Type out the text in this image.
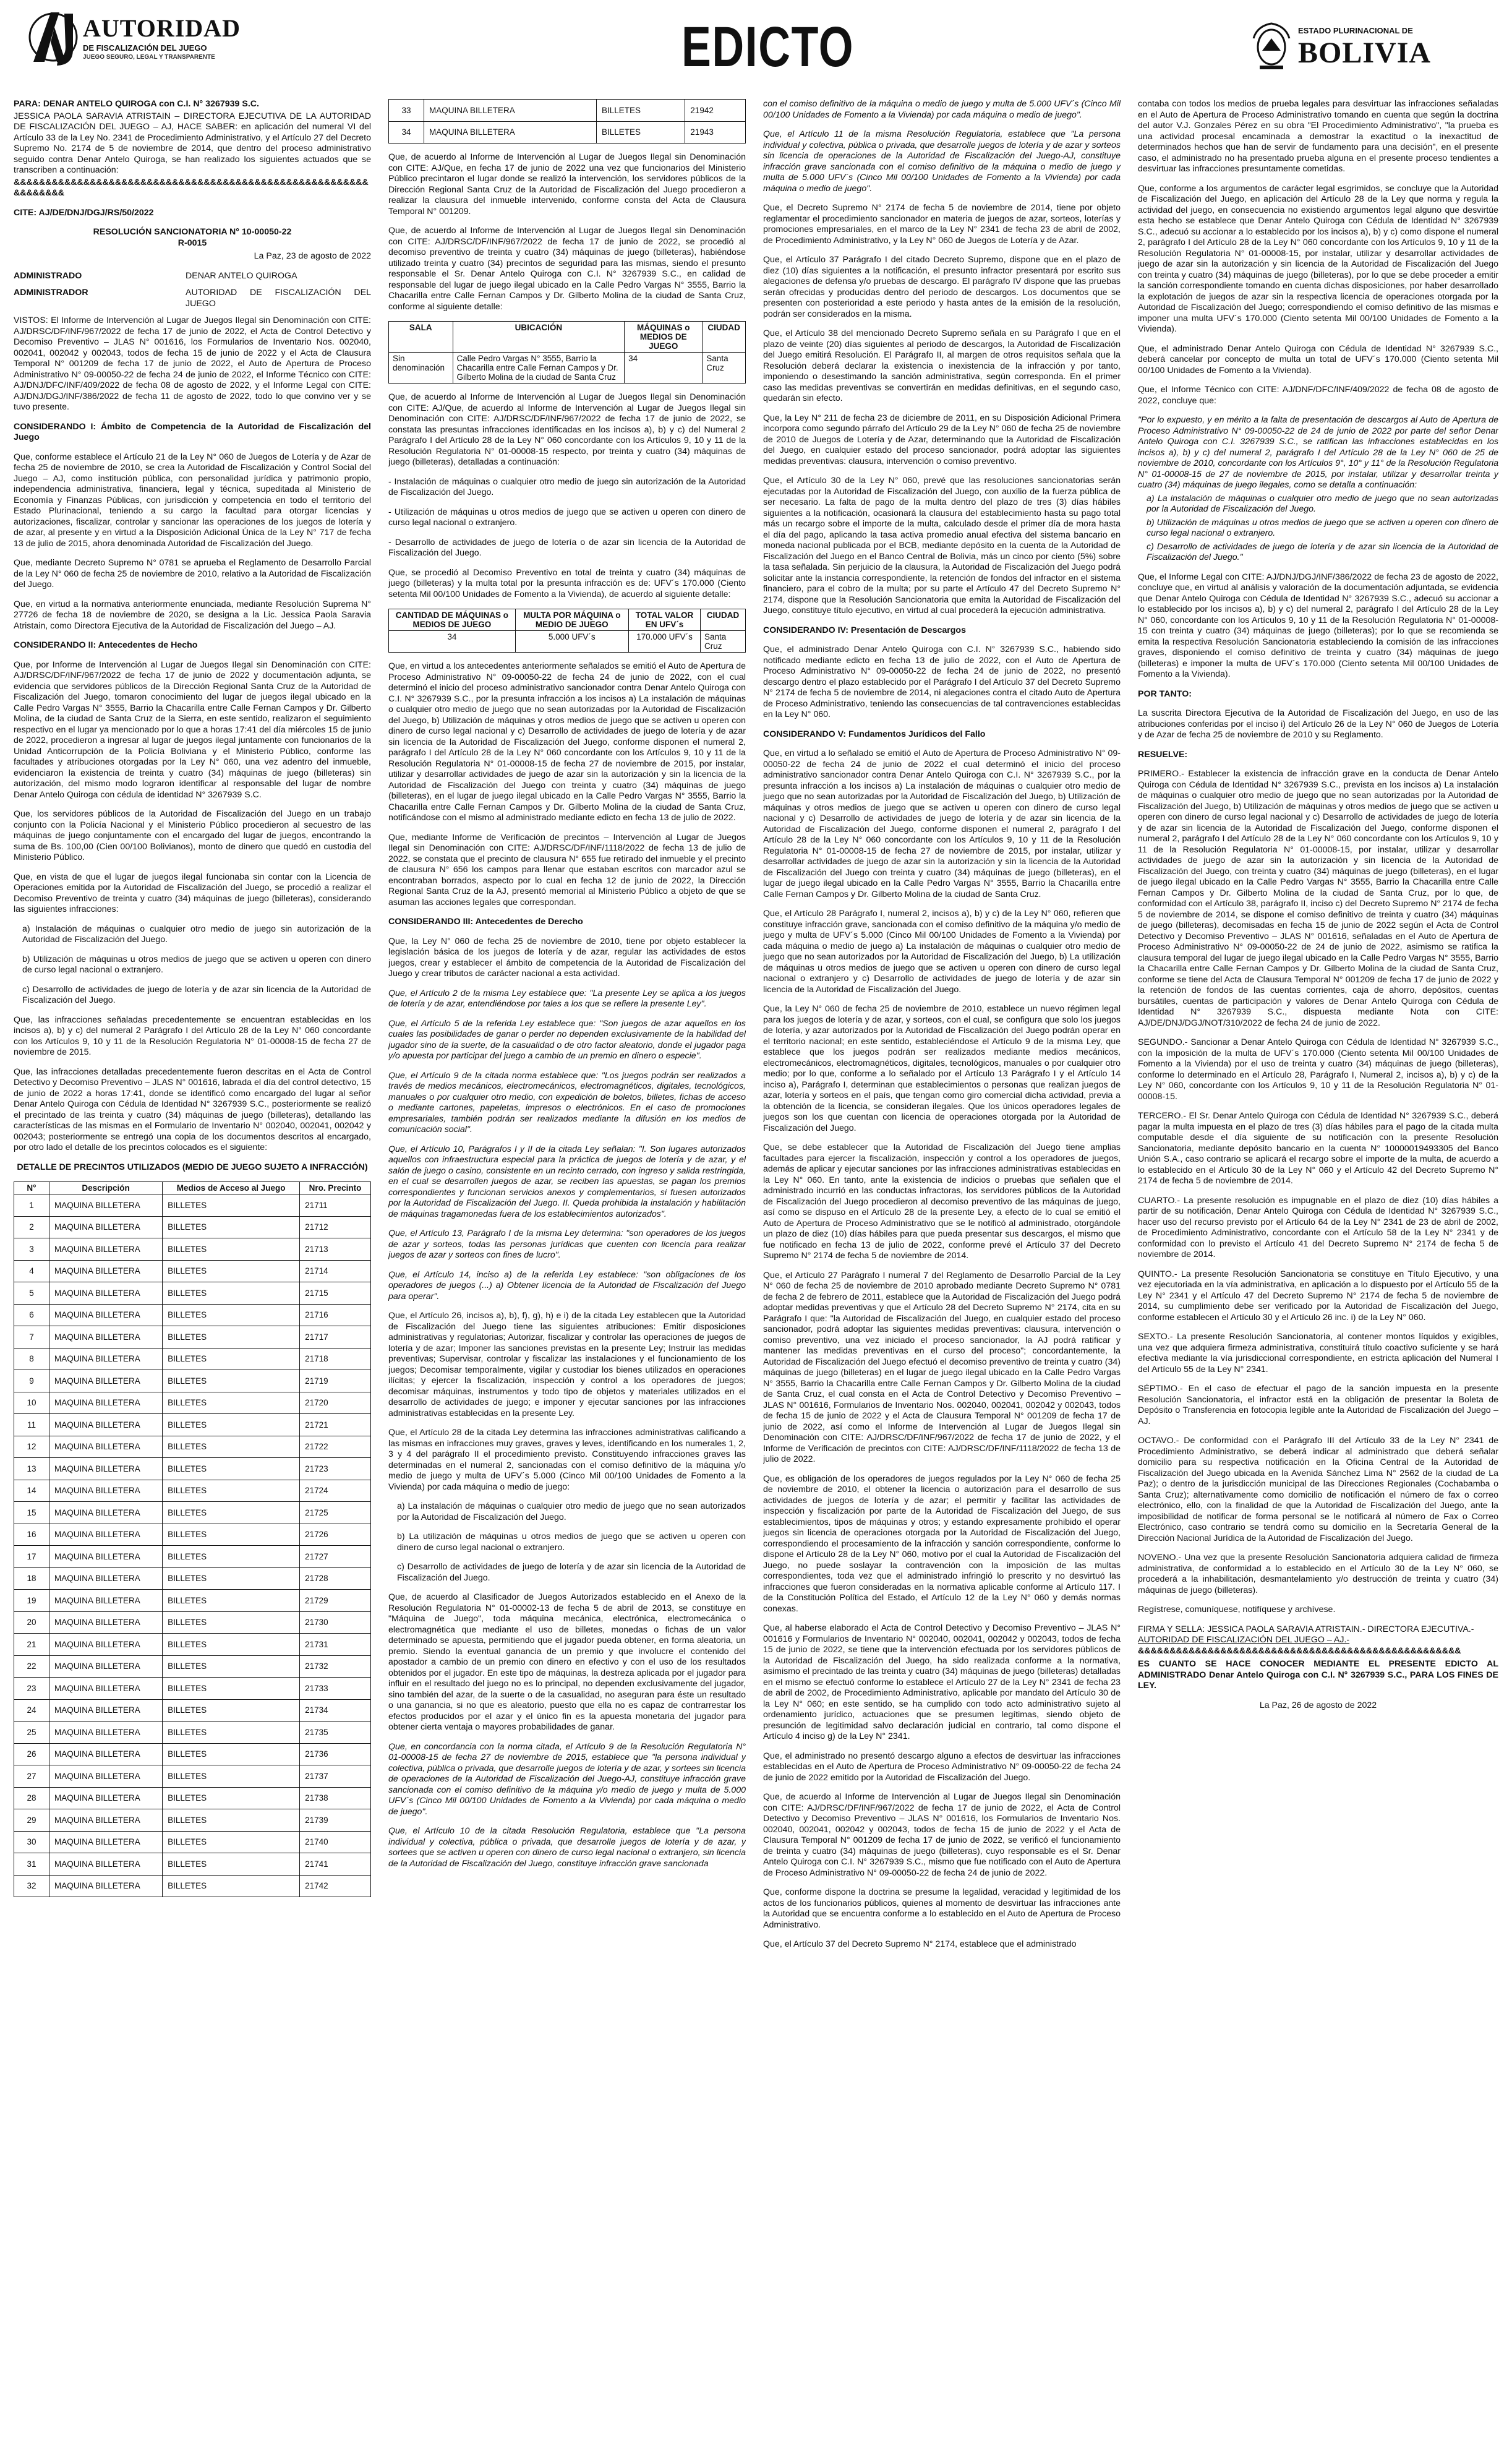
AUTORIDAD
DE FISCALIZACIÓN DEL JUEGO
JUEGO SEGURO, LEGAL Y TRANSPARENTE	EDICTO	ESTADO PLURINACIONAL DE
BOLIVIA

PARA: DENAR ANTELO QUIROGA con C.I. N° 3267939 S.C.

JESSICA PAOLA SARAVIA ATRISTAIN – DIRECTORA EJECUTIVA DE LA AUTORIDAD DE FISCALIZACIÓN DEL JUEGO – AJ, HACE SABER: en aplicación del numeral VI del Artículo 33 de la Ley No. 2341 de Procedimiento Administrativo, y el Artículo 27 del Decreto Supremo No. 2174 de 5 de noviembre de 2014, que dentro del proceso administrativo seguido contra Denar Antelo Quiroga, se han realizado los siguientes actuados que se transcriben a continuación:

&&&&&&&&&&&&&&&&&&&&&&&&&&&&&&&&&&&&&&&&&&&&&&&&&&&&&&&&&&&&&&&&

CITE: AJ/DE/DNJ/DGJ/RS/50/2022

RESOLUCIÓN SANCIONATORIA N° 10-00050-22

R-0015

La Paz, 23 de agosto de 2022

ADMINISTRADO	DENAR ANTELO QUIROGA
ADMINISTRADOR	AUTORIDAD DE FISCALIZACIÓN DEL JUEGO

VISTOS: El Informe de Intervención al Lugar de Juegos Ilegal sin Denominación con CITE: AJ/DRSC/DF/INF/967/2022 de fecha 17 de junio de 2022, el Acta de Control Detectivo y Decomiso Preventivo – JLAS N° 001616, los Formularios de Inventario Nos. 002040, 002041, 002042 y 002043, todos de fecha 15 de junio de 2022 y el Acta de Clausura Temporal N° 001209 de fecha 17 de junio de 2022, el Auto de Apertura de Proceso Administrativo N° 09-00050-22 de fecha 24 de junio de 2022, el Informe Técnico con CITE: AJ/DNJ/DFC/INF/409/2022 de fecha 08 de agosto de 2022, y el Informe Legal con CITE: AJ/DNJ/DGJ/INF/386/2022 de fecha 11 de agosto de 2022, todo lo que convino ver y se tuvo presente.

CONSIDERANDO I: Ámbito de Competencia de la Autoridad de Fiscalización del Juego

Que, conforme establece el Artículo 21 de la Ley N° 060 de Juegos de Lotería y de Azar de fecha 25 de noviembre de 2010, se crea la Autoridad de Fiscalización y Control Social del Juego – AJ, como institución pública, con personalidad jurídica y patrimonio propio, independencia administrativa, financiera, legal y técnica, supeditada al Ministerio de Economía y Finanzas Públicas, con jurisdicción y competencia en todo el territorio del Estado Plurinacional, teniendo a su cargo la facultad para otorgar licencias y autorizaciones, fiscalizar, controlar y sancionar las operaciones de los juegos de lotería y de azar, al presente y en virtud a la Disposición Adicional Única de la Ley N° 717 de fecha 13 de julio de 2015, ahora denominada Autoridad de Fiscalización del Juego.

Que, mediante Decreto Supremo N° 0781 se aprueba el Reglamento de Desarrollo Parcial de la Ley N° 060 de fecha 25 de noviembre de 2010, relativo a la Autoridad de Fiscalización del Juego.

Que, en virtud a la normativa anteriormente enunciada, mediante Resolución Suprema N° 27726 de fecha 18 de noviembre de 2020, se designa a la Lic. Jessica Paola Saravia Atristain, como Directora Ejecutiva de la Autoridad de Fiscalización del Juego – AJ.

CONSIDERANDO II: Antecedentes de Hecho

Que, por Informe de Intervención al Lugar de Juegos Ilegal sin Denominación con CITE: AJ/DRSC/DF/INF/967/2022 de fecha 17 de junio de 2022 y documentación adjunta, se evidencia que servidores públicos de la Dirección Regional Santa Cruz de la Autoridad de Fiscalización del Juego, tomaron conocimiento del lugar de juegos ilegal ubicado en la Calle Pedro Vargas N° 3555, Barrio la Chacarilla entre Calle Fernan Campos y Dr. Gilberto Molina, de la ciudad de Santa Cruz de la Sierra, en este sentido, realizaron el seguimiento respectivo en el lugar ya mencionado por lo que a horas 17:41 del día miércoles 15 de junio de 2022, procedieron a ingresar al lugar de juegos ilegal juntamente con funcionarios de la Unidad Anticorrupción de la Policía Boliviana y el Ministerio Público, conforme las facultades y atribuciones otorgadas por la Ley N° 060, una vez adentro del inmueble, evidenciaron la existencia de treinta y cuatro (34) máquinas de juego (billeteras) sin autorización, del mismo modo lograron identificar al responsable del lugar de nombre Denar Antelo Quiroga con cédula de identidad N° 3267939 S.C.

Que, los servidores públicos de la Autoridad de Fiscalización del Juego en un trabajo conjunto con la Policía Nacional y el Ministerio Público procedieron al secuestro de las máquinas de juego conjuntamente con el encargado del lugar de juegos, encontrando la suma de Bs. 100,00 (Cien 00/100 Bolivianos), monto de dinero que quedó en custodia del Ministerio Público.

Que, en vista de que el lugar de juegos ilegal funcionaba sin contar con la Licencia de Operaciones emitida por la Autoridad de Fiscalización del Juego, se procedió a realizar el Decomiso Preventivo de treinta y cuatro (34) máquinas de juego (billeteras), considerando las siguientes infracciones:

a) Instalación de máquinas o cualquier otro medio de juego sin autorización de la Autoridad de Fiscalización del Juego.

b) Utilización de máquinas u otros medios de juego que se activen u operen con dinero de curso legal nacional o extranjero.

c) Desarrollo de actividades de juego de lotería y de azar sin licencia de la Autoridad de Fiscalización del Juego.

Que, las infracciones señaladas precedentemente se encuentran establecidas en los incisos a), b) y c) del numeral 2 Parágrafo I del Artículo 28 de la Ley N° 060 concordante con los Artículos 9, 10 y 11 de la Resolución Regulatoria N° 01-00008-15 de fecha 27 de noviembre de 2015.

Que, las infracciones detalladas precedentemente fueron descritas en el Acta de Control Detectivo y Decomiso Preventivo – JLAS N° 001616, labrada el día del control detectivo, 15 de junio de 2022 a horas 17:41, donde se identificó como encargado del lugar al señor Denar Antelo Quiroga con Cédula de Identidad N° 3267939 S.C., posteriormente se realizó el precintado de las treinta y cuatro (34) máquinas de juego (billeteras), detallando las características de las mismas en el Formulario de Inventario N° 002040, 002041, 002042 y 002043; posteriormente se entregó una copia de los documentos descritos al encargado, por otro lado el detalle de los precintos colocados es el siguiente:

DETALLE DE PRECINTOS UTILIZADOS (MEDIO DE JUEGO SUJETO A INFRACCIÓN)

N°	Descripción	Medios de Acceso al Juego	Nro. Precinto
1	MAQUINA BILLETERA	BILLETES	21711
2	MAQUINA BILLETERA	BILLETES	21712
3	MAQUINA BILLETERA	BILLETES	21713
4	MAQUINA BILLETERA	BILLETES	21714
5	MAQUINA BILLETERA	BILLETES	21715
6	MAQUINA BILLETERA	BILLETES	21716
7	MAQUINA BILLETERA	BILLETES	21717
8	MAQUINA BILLETERA	BILLETES	21718
9	MAQUINA BILLETERA	BILLETES	21719
10	MAQUINA BILLETERA	BILLETES	21720
11	MAQUINA BILLETERA	BILLETES	21721
12	MAQUINA BILLETERA	BILLETES	21722
13	MAQUINA BILLETERA	BILLETES	21723
14	MAQUINA BILLETERA	BILLETES	21724
15	MAQUINA BILLETERA	BILLETES	21725
16	MAQUINA BILLETERA	BILLETES	21726
17	MAQUINA BILLETERA	BILLETES	21727
18	MAQUINA BILLETERA	BILLETES	21728
19	MAQUINA BILLETERA	BILLETES	21729
20	MAQUINA BILLETERA	BILLETES	21730
21	MAQUINA BILLETERA	BILLETES	21731
22	MAQUINA BILLETERA	BILLETES	21732
23	MAQUINA BILLETERA	BILLETES	21733
24	MAQUINA BILLETERA	BILLETES	21734
25	MAQUINA BILLETERA	BILLETES	21735
26	MAQUINA BILLETERA	BILLETES	21736
27	MAQUINA BILLETERA	BILLETES	21737
28	MAQUINA BILLETERA	BILLETES	21738
29	MAQUINA BILLETERA	BILLETES	21739
30	MAQUINA BILLETERA	BILLETES	21740
31	MAQUINA BILLETERA	BILLETES	21741
32	MAQUINA BILLETERA	BILLETES	21742
33	MAQUINA BILLETERA	BILLETES	21942
34	MAQUINA BILLETERA	BILLETES	21943

Que, de acuerdo al Informe de Intervención al Lugar de Juegos Ilegal sin Denominación con CITE: AJ/Que, en fecha 17 de junio de 2022 una vez que funcionarios del Ministerio Público precintaron el lugar donde se realizó la intervención, los servidores públicos de la Dirección Regional Santa Cruz de la Autoridad de Fiscalización del Juego procedieron a realizar la clausura del inmueble intervenido, conforme consta del Acta de Clausura Temporal N° 001209.

Que, de acuerdo al Informe de Intervención al Lugar de Juegos Ilegal sin Denominación con CITE: AJ/DRSC/DF/INF/967/2022 de fecha 17 de junio de 2022, se procedió al decomiso preventivo de treinta y cuatro (34) máquinas de juego (billeteras), habiéndose utilizado treinta y cuatro (34) precintos de seguridad para las mismas, siendo el presunto responsable el Sr. Denar Antelo Quiroga con C.I. N° 3267939 S.C., en calidad de responsable del lugar de juego ilegal ubicado en la Calle Pedro Vargas N° 3555, Barrio la Chacarilla entre Calle Fernan Campos y Dr. Gilberto Molina de la ciudad de Santa Cruz, conforme al siguiente detalle:

SALA	UBICACIÓN	MÁQUINAS o MEDIOS DE JUEGO	CIUDAD
Sin denominación	Calle Pedro Vargas N° 3555, Barrio la Chacarilla entre Calle Fernan Campos y Dr. Gilberto Molina de la ciudad de Santa Cruz	34	Santa Cruz

Que, de acuerdo al Informe de Intervención al Lugar de Juegos Ilegal sin Denominación con CITE: AJ/Que, de acuerdo al Informe de Intervención al Lugar de Juegos Ilegal sin Denominación con CITE: AJ/DRSC/DF/INF/967/2022 de fecha 17 de junio de 2022, se constata las presuntas infracciones identificadas en los incisos a), b) y c) del Numeral 2 Parágrafo I del Artículo 28 de la Ley N° 060 concordante con los Artículos 9, 10 y 11 de la Resolución Regulatoria N° 01-00008-15 respecto, por treinta y cuatro (34) máquinas de juego (billeteras), detalladas a continuación:

- Instalación de máquinas o cualquier otro medio de juego sin autorización de la Autoridad de Fiscalización del Juego.

- Utilización de máquinas u otros medios de juego que se activen u operen con dinero de curso legal nacional o extranjero.

- Desarrollo de actividades de juego de lotería o de azar sin licencia de la Autoridad de Fiscalización del Juego.

Que, se procedió al Decomiso Preventivo en total de treinta y cuatro (34) máquinas de juego (billeteras) y la multa total por la presunta infracción es de: UFV´s 170.000 (Ciento setenta Mil 00/100 Unidades de Fomento a la Vivienda), de acuerdo al siguiente detalle:

CANTIDAD DE MÁQUINAS o MEDIOS DE JUEGO	MULTA POR MÁQUINA o MEDIO DE JUEGO	TOTAL VALOR EN UFV´s	CIUDAD
34	5.000 UFV´s	170.000 UFV´s	Santa Cruz

Que, en virtud a los antecedentes anteriormente señalados se emitió el Auto de Apertura de Proceso Administrativo N° 09-00050-22 de fecha 24 de junio de 2022, con el cual determinó el inicio del proceso administrativo sancionador contra Denar Antelo Quiroga con C.I. N° 3267939 S.C., por la presunta infracción a los incisos a) La instalación de máquinas o cualquier otro medio de juego que no sean autorizadas por la Autoridad de Fiscalización del Juego, b) Utilización de máquinas y otros medios de juego que se activen u operen con dinero de curso legal nacional y c) Desarrollo de actividades de juego de lotería y de azar sin licencia de la Autoridad de Fiscalización del Juego, conforme disponen el numeral 2, parágrafo I del Artículo 28 de la Ley N° 060 concordante con los Artículos 9, 10 y 11 de la Resolución Regulatoria N° 01-00008-15 de fecha 27 de noviembre de 2015, por instalar, utilizar y desarrollar actividades de juego de azar sin la autorización y sin la licencia de la Autoridad de Fiscalización del Juego con treinta y cuatro (34) máquinas de juego (billeteras), en el lugar de juego ilegal ubicado en la Calle Pedro Vargas N° 3555, Barrio la Chacarilla entre Calle Fernan Campos y Dr. Gilberto Molina de la ciudad de Santa Cruz, notificándose con el mismo al administrado mediante edicto en fecha 13 de julio de 2022.

Que, mediante Informe de Verificación de precintos – Intervención al Lugar de Juegos Ilegal sin Denominación con CITE: AJ/DRSC/DF/INF/1118/2022 de fecha 13 de julio de 2022, se constata que el precinto de clausura N° 655 fue retirado del inmueble y el precinto de clausura N° 656 los campos para llenar que estaban escritos con marcador azul se encontraban borrados, aspecto por lo cual en fecha 12 de junio de 2022, la Dirección Regional Santa Cruz de la AJ, presentó memorial al Ministerio Público a objeto de que se asuman las acciones legales que correspondan.

CONSIDERANDO III: Antecedentes de Derecho

Que, la Ley N° 060 de fecha 25 de noviembre de 2010, tiene por objeto establecer la legislación básica de los juegos de lotería y de azar, regular las actividades de estos juegos, crear y establecer el ámbito de competencia de la Autoridad de Fiscalización del Juego y crear tributos de carácter nacional a esta actividad.

Que, el Artículo 2 de la misma Ley establece que: "La presente Ley se aplica a los juegos de lotería y de azar, entendiéndose por tales a los que se refiere la presente Ley".

Que, el Artículo 5 de la referida Ley establece que: "Son juegos de azar aquellos en los cuales las posibilidades de ganar o perder no dependen exclusivamente de la habilidad del jugador sino de la suerte, de la casualidad o de otro factor aleatorio, donde el jugador paga y/o apuesta por participar del juego a cambio de un premio en dinero o especie".

Que, el Artículo 9 de la citada norma establece que: "Los juegos podrán ser realizados a través de medios mecánicos, electromecánicos, electromagnéticos, digitales, tecnológicos, manuales o por cualquier otro medio, con expedición de boletos, billetes, fichas de acceso o mediante cartones, papeletas, impresos o electrónicos. En el caso de promociones empresariales, también podrán ser realizados mediante la difusión en los medios de comunicación social".

Que, el Artículo 10, Parágrafos I y II de la citada Ley señalan: "I. Son lugares autorizados aquellos con infraestructura especial para la práctica de juegos de lotería y de azar, y el salón de juego o casino, consistente en un recinto cerrado, con ingreso y salida restringida, en el cual se desarrollen juegos de azar, se reciben las apuestas, se pagan los premios correspondientes y funcionan servicios anexos y complementarios, si fuesen autorizados por la Autoridad de Fiscalización del Juego. II. Queda prohibida la instalación y habilitación de máquinas tragamonedas fuera de los establecimientos autorizados".

Que, el Artículo 13, Parágrafo I de la misma Ley determina: "son operadores de los juegos de azar y sorteos, todas las personas jurídicas que cuenten con licencia para realizar juegos de azar y sorteos con fines de lucro".

Que, el Artículo 14, inciso a) de la referida Ley establece: "son obligaciones de los operadores de juegos (...) a) Obtener licencia de la Autoridad de Fiscalización del Juego para operar".

Que, el Artículo 26, incisos a), b), f), g), h) e i) de la citada Ley establecen que la Autoridad de Fiscalización del Juego tiene las siguientes atribuciones: Emitir disposiciones administrativas y regulatorias; Autorizar, fiscalizar y controlar las operaciones de juegos de lotería y de azar; Imponer las sanciones previstas en la presente Ley; Instruir las medidas preventivas; Supervisar, controlar y fiscalizar las instalaciones y el funcionamiento de los juegos; Decomisar temporalmente, vigilar y custodiar los bienes utilizados en operaciones ilícitas; y ejercer la fiscalización, inspección y control a los operadores de juegos; decomisar máquinas, instrumentos y todo tipo de objetos y materiales utilizados en el desarrollo de actividades de juego; e imponer y ejecutar sanciones por las infracciones administrativas establecidas en la presente Ley.

Que, el Artículo 28 de la citada Ley determina las infracciones administrativas calificando a las mismas en infracciones muy graves, graves y leves, identificando en los numerales 1, 2, 3 y 4 del parágrafo II el procedimiento previsto. Constituyendo infracciones graves las determinadas en el numeral 2, sancionadas con el comiso definitivo de la máquina y/o medio de juego y multa de UFV´s 5.000 (Cinco Mil 00/100 Unidades de Fomento a la Vivienda) por cada máquina o medio de juego:

a) La instalación de máquinas o cualquier otro medio de juego que no sean autorizados por la Autoridad de Fiscalización del Juego.

b) La utilización de máquinas u otros medios de juego que se activen u operen con dinero de curso legal nacional o extranjero.

c) Desarrollo de actividades de juego de lotería y de azar sin licencia de la Autoridad de Fiscalización del Juego.

Que, de acuerdo al Clasificador de Juegos Autorizados establecido en el Anexo de la Resolución Regulatoria N° 01-00002-13 de fecha 5 de abril de 2013, se constituye en "Máquina de Juego", toda máquina mecánica, electrónica, electromecánica o electromagnética que mediante el uso de billetes, monedas o fichas de un valor determinado se apuesta, permitiendo que el jugador pueda obtener, en forma aleatoria, un premio. Siendo la eventual ganancia de un premio y que involucre el contenido del apostador a cambio de un premio con dinero en efectivo y con el uso de los resultados obtenidos por el jugador. En este tipo de máquinas, la destreza aplicada por el jugador para influir en el resultado del juego no es lo principal, no dependen exclusivamente del jugador, sino también del azar, de la suerte o de la casualidad, no aseguran para éste un resultado o una ganancia, si no que es aleatorio, puesto que ella no es capaz de contrarrestar los efectos producidos por el azar y el único fin es la apuesta monetaria del jugador para obtener cierta ventaja o mayores probabilidades de ganar.

Que, en concordancia con la norma citada, el Artículo 9 de la Resolución Regulatoria N° 01-00008-15 de fecha 27 de noviembre de 2015, establece que "la persona individual y colectiva, pública o privada, que desarrolle juegos de lotería y de azar, y sortees sin licencia de operaciones de la Autoridad de Fiscalización del Juego-AJ, constituye infracción grave sancionada con el comiso definitivo de la máquina y/o medio de juego y multa de 5.000 UFV´s (Cinco Mil 00/100 Unidades de Fomento a la Vivienda) por cada máquina o medio de juego".

Que, el Artículo 10 de la citada Resolución Regulatoria, establece que "La persona individual y colectiva, pública o privada, que desarrolle juegos de lotería y de azar, y sortees que se activen u operen con dinero de curso legal nacional o extranjero, sin licencia de la Autoridad de Fiscalización del Juego, constituye infracción grave sancionada

con el comiso definitivo de la máquina o medio de juego y multa de 5.000 UFV´s (Cinco Mil 00/100 Unidades de Fomento a la Vivienda) por cada máquina o medio de juego".

Que, el Artículo 11 de la misma Resolución Regulatoria, establece que "La persona individual y colectiva, pública o privada, que desarrolle juegos de lotería y de azar y sorteos sin licencia de operaciones de la Autoridad de Fiscalización del Juego-AJ, constituye infracción grave sancionada con el comiso definitivo de la máquina o medio de juego y multa de 5.000 UFV´s (Cinco Mil 00/100 Unidades de Fomento a la Vivienda) por cada máquina o medio de juego".

Que, el Decreto Supremo N° 2174 de fecha 5 de noviembre de 2014, tiene por objeto reglamentar el procedimiento sancionador en materia de juegos de azar, sorteos, loterías y promociones empresariales, en el marco de la Ley N° 2341 de fecha 23 de abril de 2002, de Procedimiento Administrativo, y la Ley N° 060 de Juegos de Lotería y de Azar.

Que, el Artículo 37 Parágrafo I del citado Decreto Supremo, dispone que en el plazo de diez (10) días siguientes a la notificación, el presunto infractor presentará por escrito sus alegaciones de defensa y/o pruebas de descargo. El parágrafo IV dispone que las pruebas serán ofrecidas y producidas dentro del periodo de descargos. Los documentos que se presenten con posterioridad a este periodo y hasta antes de la emisión de la resolución, podrán ser considerados en la misma.

Que, el Artículo 38 del mencionado Decreto Supremo señala en su Parágrafo I que en el plazo de veinte (20) días siguientes al periodo de descargos, la Autoridad de Fiscalización del Juego emitirá Resolución. El Parágrafo II, al margen de otros requisitos señala que la Resolución deberá declarar la existencia o inexistencia de la infracción y por tanto, imponiendo o desestimando la sanción administrativa, según corresponda. En el primer caso las medidas preventivas se convertirán en medidas definitivas, en el segundo caso, quedarán sin efecto.

Que, la Ley N° 211 de fecha 23 de diciembre de 2011, en su Disposición Adicional Primera incorpora como segundo párrafo del Artículo 29 de la Ley N° 060 de fecha 25 de noviembre de 2010 de Juegos de Lotería y de Azar, determinando que la Autoridad de Fiscalización del Juego, en cualquier estado del proceso sancionador, podrá adoptar las siguientes medidas preventivas: clausura, intervención o comiso preventivo.

Que, el Artículo 30 de la Ley N° 060, prevé que las resoluciones sancionatorias serán ejecutadas por la Autoridad de Fiscalización del Juego, con auxilio de la fuerza pública de ser necesario. La falta de pago de la multa dentro del plazo de tres (3) días hábiles siguientes a la notificación, ocasionará la clausura del establecimiento hasta su pago total más un recargo sobre el importe de la multa, calculado desde el primer día de mora hasta el día del pago, aplicando la tasa activa promedio anual efectiva del sistema bancario en moneda nacional publicada por el BCB, mediante depósito en la cuenta de la Autoridad de Fiscalización del Juego en el Banco Central de Bolivia, más un cinco por ciento (5%) sobre la tasa señalada. Sin perjuicio de la clausura, la Autoridad de Fiscalización del Juego podrá solicitar ante la instancia correspondiente, la retención de fondos del infractor en el sistema financiero, para el cobro de la multa; por su parte el Artículo 47 del Decreto Supremo N° 2174, dispone que la Resolución Sancionatoria que emita la Autoridad de Fiscalización del Juego, constituye título ejecutivo, en virtud al cual procederá la ejecución administrativa.

CONSIDERANDO IV: Presentación de Descargos

Que, el administrado Denar Antelo Quiroga con C.I. N° 3267939 S.C., habiendo sido notificado mediante edicto en fecha 13 de julio de 2022, con el Auto de Apertura de Proceso Administrativo N° 09-00050-22 de fecha 24 de junio de 2022, no presentó descargo dentro el plazo establecido por el Parágrafo I del Artículo 37 del Decreto Supremo N° 2174 de fecha 5 de noviembre de 2014, ni alegaciones contra el citado Auto de Apertura de Proceso Administrativo, teniendo las consecuencias de tal contravenciones establecidas en la Ley N° 060.

CONSIDERANDO V: Fundamentos Jurídicos del Fallo

Que, en virtud a lo señalado se emitió el Auto de Apertura de Proceso Administrativo N° 09-00050-22 de fecha 24 de junio de 2022 el cual determinó el inicio del proceso administrativo sancionador contra Denar Antelo Quiroga con C.I. N° 3267939 S.C., por la presunta infracción a los incisos a) La instalación de máquinas o cualquier otro medio de juego que no sean autorizadas por la Autoridad de Fiscalización del Juego, b) Utilización de máquinas y otros medios de juego que se activen u operen con dinero de curso legal nacional y c) Desarrollo de actividades de juego de lotería y de azar sin licencia de la Autoridad de Fiscalización del Juego, conforme disponen el numeral 2, parágrafo I del Artículo 28 de la Ley N° 060 concordante con los Artículos 9, 10 y 11 de la Resolución Regulatoria N° 01-00008-15 de fecha 27 de noviembre de 2015, por instalar, utilizar y desarrollar actividades de juego de azar sin la autorización y sin la licencia de la Autoridad de Fiscalización del Juego con treinta y cuatro (34) máquinas de juego (billeteras), en el lugar de juego ilegal ubicado en la Calle Pedro Vargas N° 3555, Barrio la Chacarilla entre Calle Fernan Campos y Dr. Gilberto Molina de la ciudad de Santa Cruz.

Que, el Artículo 28 Parágrafo I, numeral 2, incisos a), b) y c) de la Ley N° 060, refieren que constituye infracción grave, sancionada con el comiso definitivo de la máquina y/o medio de juego y multa de UFV´s 5.000 (Cinco Mil 00/100 Unidades de Fomento a la Vivienda) por cada máquina o medio de juego a) La instalación de máquinas o cualquier otro medio de juego que no sean autorizados por la Autoridad de Fiscalización del Juego, b) La utilización de máquinas u otros medios de juego que se activen u operen con dinero de curso legal nacional o extranjero y c) Desarrollo de actividades de juego de lotería y de azar sin licencia de la Autoridad de Fiscalización del Juego.

Que, la Ley N° 060 de fecha 25 de noviembre de 2010, establece un nuevo régimen legal para los juegos de lotería y de azar, y sorteos, con el cual, se configura que solo los juegos de lotería, y azar autorizados por la Autoridad de Fiscalización del Juego podrán operar en el territorio nacional; en este sentido, estableciéndose el Artículo 9 de la misma Ley, que establece que los juegos podrán ser realizados mediante medios mecánicos, electromecánicos, electromagnéticos, digitales, tecnológicos, manuales o por cualquier otro medio; por lo que, conforme a lo señalado por el Artículo 13 Parágrafo I y el Artículo 14 inciso a), Parágrafo I, determinan que establecimientos o personas que realizan juegos de azar, lotería y sorteos en el país, que tengan como giro comercial dicha actividad, previa a la obtención de la licencia, se consideran ilegales. Que los únicos operadores legales de juegos son los que cuentan con licencia de operaciones otorgada por la Autoridad de Fiscalización del Juego.

Que, se debe establecer que la Autoridad de Fiscalización del Juego tiene amplias facultades para ejercer la fiscalización, inspección y control a los operadores de juegos, además de aplicar y ejecutar sanciones por las infracciones administrativas establecidas en la Ley N° 060. En tanto, ante la existencia de indicios o pruebas que señalen que el administrado incurrió en las conductas infractoras, los servidores públicos de la Autoridad de Fiscalización del Juego procedieron al decomiso preventivo de las máquinas de juego, así como se dispuso en el Artículo 28 de la presente Ley, a efecto de lo cual se emitió el Auto de Apertura de Proceso Administrativo que se le notificó al administrado, otorgándole un plazo de diez (10) días hábiles para que pueda presentar sus descargos, el mismo que fue notificado en fecha 13 de julio de 2022, conforme prevé el Artículo 37 del Decreto Supremo N° 2174 de fecha 5 de noviembre de 2014.

Que, el Artículo 27 Parágrafo I numeral 7 del Reglamento de Desarrollo Parcial de la Ley N° 060 de fecha 25 de noviembre de 2010 aprobado mediante Decreto Supremo N° 0781 de fecha 2 de febrero de 2011, establece que la Autoridad de Fiscalización del Juego podrá adoptar medidas preventivas y que el Artículo 28 del Decreto Supremo N° 2174, cita en su Parágrafo I que: "la Autoridad de Fiscalización del Juego, en cualquier estado del proceso sancionador, podrá adoptar las siguientes medidas preventivas: clausura, intervención o comiso preventivo, una vez iniciado el proceso sancionador, la AJ podrá ratificar y mantener las medidas preventivas en el curso del proceso"; concordantemente, la Autoridad de Fiscalización del Juego efectuó el decomiso preventivo de treinta y cuatro (34) máquinas de juego (billeteras) en el lugar de juego ilegal ubicado en la Calle Pedro Vargas N° 3555, Barrio la Chacarilla entre Calle Fernan Campos y Dr. Gilberto Molina de la ciudad de Santa Cruz, el cual consta en el Acta de Control Detectivo y Decomiso Preventivo – JLAS N° 001616, Formularios de Inventario Nos. 002040, 002041, 002042 y 002043, todos de fecha 15 de junio de 2022 y el Acta de Clausura Temporal N° 001209 de fecha 17 de junio de 2022, así como el Informe de Intervención al Lugar de Juegos Ilegal sin Denominación con CITE: AJ/DRSC/DF/INF/967/2022 de fecha 17 de junio de 2022, y el Informe de Verificación de precintos con CITE: AJ/DRSC/DF/INF/1118/2022 de fecha 13 de julio de 2022.

Que, es obligación de los operadores de juegos regulados por la Ley N° 060 de fecha 25 de noviembre de 2010, el obtener la licencia o autorización para el desarrollo de sus actividades de juegos de lotería y de azar; el permitir y facilitar las actividades de inspección y fiscalización por parte de la Autoridad de Fiscalización del Juego, de sus establecimientos, tipos de máquinas y otros; y estando expresamente prohibido el operar juegos sin licencia de operaciones otorgada por la Autoridad de Fiscalización del Juego, correspondiendo el procesamiento de la infracción y sanción correspondiente, conforme lo dispone el Artículo 28 de la Ley N° 060, motivo por el cual la Autoridad de Fiscalización del Juego, no puede soslayar la contravención con la imposición de las multas correspondientes, toda vez que el administrado infringió lo prescrito y no desvirtuó las infracciones que fueron consideradas en la normativa aplicable conforme al Artículo 117. I de la Constitución Política del Estado, el Artículo 12 de la Ley N° 060 y demás normas conexas.

Que, al haberse elaborado el Acta de Control Detectivo y Decomiso Preventivo – JLAS N° 001616 y Formularios de Inventario N° 002040, 002041, 002042 y 002043, todos de fecha 15 de junio de 2022, se tiene que la intervención efectuada por los servidores públicos de la Autoridad de Fiscalización del Juego, ha sido realizada conforme a la normativa, asimismo el precintado de las treinta y cuatro (34) máquinas de juego (billeteras) detalladas en el mismo se efectuó conforme lo establece el Artículo 27 de la Ley N° 2341 de fecha 23 de abril de 2002, de Procedimiento Administrativo, aplicable por mandato del Artículo 30 de la Ley N° 060; en este sentido, se ha cumplido con todo acto administrativo sujeto al ordenamiento jurídico, actuaciones que se presumen legítimas, siendo objeto de presunción de legitimidad salvo declaración judicial en contrario, tal como dispone el Artículo 4 inciso g) de la Ley N° 2341.

Que, el administrado no presentó descargo alguno a efectos de desvirtuar las infracciones establecidas en el Auto de Apertura de Proceso Administrativo N° 09-00050-22 de fecha 24 de junio de 2022 emitido por la Autoridad de Fiscalización del Juego.

Que, de acuerdo al Informe de Intervención al Lugar de Juegos Ilegal sin Denominación con CITE: AJ/DRSC/DF/INF/967/2022 de fecha 17 de junio de 2022, el Acta de Control Detectivo y Decomiso Preventivo – JLAS N° 001616, los Formularios de Inventario Nos. 002040, 002041, 002042 y 002043, todos de fecha 15 de junio de 2022 y el Acta de Clausura Temporal N° 001209 de fecha 17 de junio de 2022, se verificó el funcionamiento de treinta y cuatro (34) máquinas de juego (billeteras), cuyo responsable es el Sr. Denar Antelo Quiroga con C.I. N° 3267939 S.C., mismo que fue notificado con el Auto de Apertura de Proceso Administrativo N° 09-00050-22 de fecha 24 de junio de 2022.

Que, conforme dispone la doctrina se presume la legalidad, veracidad y legitimidad de los actos de los funcionarios públicos, quienes al momento de desvirtuar las infracciones ante la Autoridad que se encuentra conforme a lo establecido en el Auto de Apertura de Proceso Administrativo.

Que, el Artículo 37 del Decreto Supremo N° 2174, establece que el administrado

contaba con todos los medios de prueba legales para desvirtuar las infracciones señaladas en el Auto de Apertura de Proceso Administrativo tomando en cuenta que según la doctrina del autor V.J. Gonzales Pérez en su obra "El Procedimiento Administrativo", "la prueba es una actividad procesal encaminada a demostrar la exactitud o la inexactitud de determinados hechos que han de servir de fundamento para una decisión", en el presente caso, el administrado no ha presentado prueba alguna en el presente proceso tendientes a desvirtuar las infracciones presuntamente cometidas.

Que, conforme a los argumentos de carácter legal esgrimidos, se concluye que la Autoridad de Fiscalización del Juego, en aplicación del Artículo 28 de la Ley que norma y regula la actividad del juego, en consecuencia no existiendo argumentos legal alguno que desvirtúe esta hecho se establece que Denar Antelo Quiroga con Cédula de Identidad N° 3267939 S.C., adecuó su accionar a lo establecido por los incisos a), b) y c) como dispone el numeral 2, parágrafo I del Artículo 28 de la Ley N° 060 concordante con los Artículos 9, 10 y 11 de la Resolución Regulatoria N° 01-00008-15, por instalar, utilizar y desarrollar actividades de juego de azar sin la autorización y sin licencia de la Autoridad de Fiscalización del Juego con treinta y cuatro (34) máquinas de juego (billeteras), por lo que se debe proceder a emitir la sanción correspondiente tomando en cuenta dichas disposiciones, por haber desarrollado la explotación de juegos de azar sin la respectiva licencia de operaciones otorgada por la Autoridad de Fiscalización del Juego; correspondiendo el comiso definitivo de las mismas e imponer una multa UFV´s 170.000 (Ciento setenta Mil 00/100 Unidades de Fomento a la Vivienda).

Que, el administrado Denar Antelo Quiroga con Cédula de Identidad N° 3267939 S.C., deberá cancelar por concepto de multa un total de UFV´s 170.000 (Ciento setenta Mil 00/100 Unidades de Fomento a la Vivienda).

Que, el Informe Técnico con CITE: AJ/DNF/DFC/INF/409/2022 de fecha 08 de agosto de 2022, concluye que:

"Por lo expuesto, y en mérito a la falta de presentación de descargos al Auto de Apertura de Proceso Administrativo N° 09-00050-22 de 24 de junio de 2022 por parte del señor Denar Antelo Quiroga con C.I. 3267939 S.C., se ratifican las infracciones establecidas en los incisos a), b) y c) del numeral 2, parágrafo I del Artículo 28 de la Ley N° 060 de 25 de noviembre de 2010, concordante con los Artículos 9°, 10° y 11° de la Resolución Regulatoria N° 01-00008-15 de 27 de noviembre de 2015, por instalar, utilizar y desarrollar treinta y cuatro (34) máquinas de juego ilegales, como se detalla a continuación:

a) La instalación de máquinas o cualquier otro medio de juego que no sean autorizadas por la Autoridad de Fiscalización del Juego.

b) Utilización de máquinas u otros medios de juego que se activen u operen con dinero de curso legal nacional o extranjero.

c) Desarrollo de actividades de juego de lotería y de azar sin licencia de la Autoridad de Fiscalización del Juego."

Que, el Informe Legal con CITE: AJ/DNJ/DGJ/INF/386/2022 de fecha 23 de agosto de 2022, concluye que, en virtud al análisis y valoración de la documentación adjuntada, se evidencia que Denar Antelo Quiroga con Cédula de Identidad N° 3267939 S.C., adecuó su accionar a lo establecido por los incisos a), b) y c) del numeral 2, parágrafo I del Artículo 28 de la Ley N° 060, concordante con los Artículos 9, 10 y 11 de la Resolución Regulatoria N° 01-00008-15 con treinta y cuatro (34) máquinas de juego (billeteras); por lo que se recomienda se emita la respectiva Resolución Sancionatoria estableciendo la comisión de las infracciones graves, disponiendo el comiso definitivo de treinta y cuatro (34) máquinas de juego (billeteras) e imponer la multa de UFV´s 170.000 (Ciento setenta Mil 00/100 Unidades de Fomento a la Vivienda).

POR TANTO:

La suscrita Directora Ejecutiva de la Autoridad de Fiscalización del Juego, en uso de las atribuciones conferidas por el inciso i) del Artículo 26 de la Ley N° 060 de Juegos de Lotería y de Azar de fecha 25 de noviembre de 2010 y su Reglamento.

RESUELVE:

PRIMERO.- Establecer la existencia de infracción grave en la conducta de Denar Antelo Quiroga con Cédula de Identidad N° 3267939 S.C., prevista en los incisos a) La instalación de máquinas o cualquier otro medio de juego que no sean autorizadas por la Autoridad de Fiscalización del Juego, b) Utilización de máquinas y otros medios de juego que se activen u operen con dinero de curso legal nacional y c) Desarrollo de actividades de juego de lotería y de azar sin licencia de la Autoridad de Fiscalización del Juego, conforme disponen el numeral 2, parágrafo I del Artículo 28 de la Ley N° 060 concordante con los Artículos 9, 10 y 11 de la Resolución Regulatoria N° 01-00008-15, por instalar, utilizar y desarrollar actividades de juego de azar sin la autorización y sin licencia de la Autoridad de Fiscalización del Juego, con treinta y cuatro (34) máquinas de juego (billeteras), en el lugar de juego ilegal ubicado en la Calle Pedro Vargas N° 3555, Barrio la Chacarilla entre Calle Fernan Campos y Dr. Gilberto Molina de la ciudad de Santa Cruz, por lo que, de conformidad con el Artículo 38, parágrafo II, inciso c) del Decreto Supremo N° 2174 de fecha 5 de noviembre de 2014, se dispone el comiso definitivo de treinta y cuatro (34) máquinas de juego (billeteras), decomisadas en fecha 15 de junio de 2022 según el Acta de Control Detectivo y Decomiso Preventivo – JLAS N° 001616, señaladas en el Auto de Apertura de Proceso Administrativo N° 09-00050-22 de 24 de junio de 2022, asimismo se ratifica la clausura temporal del lugar de juego ilegal ubicado en la Calle Pedro Vargas N° 3555, Barrio la Chacarilla entre Calle Fernan Campos y Dr. Gilberto Molina de la ciudad de Santa Cruz, conforme se tiene del Acta de Clausura Temporal N° 001209 de fecha 17 de junio de 2022 y la retención de fondos de las cuentas corrientes, caja de ahorro, depósitos, cuentas bursátiles, cuentas de participación y valores de Denar Antelo Quiroga con Cédula de Identidad N° 3267939 S.C., dispuesta mediante Nota con CITE: AJ/DE/DNJ/DGJ/NOT/310/2022 de fecha 24 de junio de 2022.

SEGUNDO.- Sancionar a Denar Antelo Quiroga con Cédula de Identidad N° 3267939 S.C., con la imposición de la multa de UFV´s 170.000 (Ciento setenta Mil 00/100 Unidades de Fomento a la Vivienda) por el uso de treinta y cuatro (34) máquinas de juego (billeteras), conforme lo determinado en el Artículo 28, Parágrafo I, Numeral 2, incisos a), b) y c) de la Ley N° 060, concordante con los Artículos 9, 10 y 11 de la Resolución Regulatoria N° 01-00008-15.

TERCERO.- El Sr. Denar Antelo Quiroga con Cédula de Identidad N° 3267939 S.C., deberá pagar la multa impuesta en el plazo de tres (3) días hábiles para el pago de la citada multa computable desde el día siguiente de su notificación con la presente Resolución Sancionatoria, mediante depósito bancario en la cuenta N° 10000019493305 del Banco Unión S.A., caso contrario se aplicará el recargo sobre el importe de la multa, de acuerdo a lo establecido en el Artículo 30 de la Ley N° 060 y el Artículo 42 del Decreto Supremo N° 2174 de fecha 5 de noviembre de 2014.

CUARTO.- La presente resolución es impugnable en el plazo de diez (10) días hábiles a partir de su notificación, Denar Antelo Quiroga con Cédula de Identidad N° 3267939 S.C., hacer uso del recurso previsto por el Artículo 64 de la Ley N° 2341 de 23 de abril de 2002, de Procedimiento Administrativo, concordante con el Artículo 58 de la Ley N° 2341 y de conformidad con lo previsto el Artículo 41 del Decreto Supremo N° 2174 de fecha 5 de noviembre de 2014.

QUINTO.- La presente Resolución Sancionatoria se constituye en Título Ejecutivo, y una vez ejecutoriada en la vía administrativa, en aplicación a lo dispuesto por el Artículo 55 de la Ley N° 2341 y el Artículo 47 del Decreto Supremo N° 2174 de fecha 5 de noviembre de 2014, su cumplimiento debe ser verificado por la Autoridad de Fiscalización del Juego, conforme establecen el Artículo 30 y el Artículo 26 inc. i) de la Ley N° 060.

SEXTO.- La presente Resolución Sancionatoria, al contener montos líquidos y exigibles, una vez que adquiera firmeza administrativa, constituirá título coactivo suficiente y se hará efectiva mediante la vía jurisdiccional correspondiente, en estricta aplicación del Numeral I del Artículo 55 de la Ley N° 2341.

SÉPTIMO.- En el caso de efectuar el pago de la sanción impuesta en la presente Resolución Sancionatoria, el infractor está en la obligación de presentar la Boleta de Depósito o Transferencia en fotocopia legible ante la Autoridad de Fiscalización del Juego – AJ.

OCTAVO.- De conformidad con el Parágrafo III del Artículo 33 de la Ley N° 2341 de Procedimiento Administrativo, se deberá indicar al administrado que deberá señalar domicilio para su respectiva notificación en la Oficina Central de la Autoridad de Fiscalización del Juego ubicada en la Avenida Sánchez Lima N° 2562 de la ciudad de La Paz); o dentro de la jurisdicción municipal de las Direcciones Regionales (Cochabamba o Santa Cruz); alternativamente como domicilio de notificación el número de fax o correo electrónico, ello, con la finalidad de que la Autoridad de Fiscalización del Juego, ante la imposibilidad de notificar de forma personal se le notificará al número de Fax o Correo Electrónico, caso contrario se tendrá como su domicilio en la Secretaría General de la Dirección Nacional Jurídica de la Autoridad de Fiscalización del Juego.

NOVENO.- Una vez que la presente Resolución Sancionatoria adquiera calidad de firmeza administrativa, de conformidad a lo establecido en el Artículo 30 de la Ley N° 060, se procederá a la inhabilitación, desmantelamiento y/o destrucción de treinta y cuatro (34) máquinas de juego (billeteras).

Regístrese, comuníquese, notifíquese y archívese.

FIRMA Y SELLA: JESSICA PAOLA SARAVIA ATRISTAIN.- DIRECTORA EJECUTIVA.-

AUTORIDAD DE FISCALIZACIÓN DEL JUEGO – AJ.-

&&&&&&&&&&&&&&&&&&&&&&&&&&&&&&&&&&&&&&&&&&&&&&&&&&&

ES CUANTO SE HACE CONOCER MEDIANTE EL PRESENTE EDICTO AL ADMINISTRADO Denar Antelo Quiroga con C.I. N° 3267939 S.C., PARA LOS FINES DE LEY.

La Paz, 26 de agosto de 2022
